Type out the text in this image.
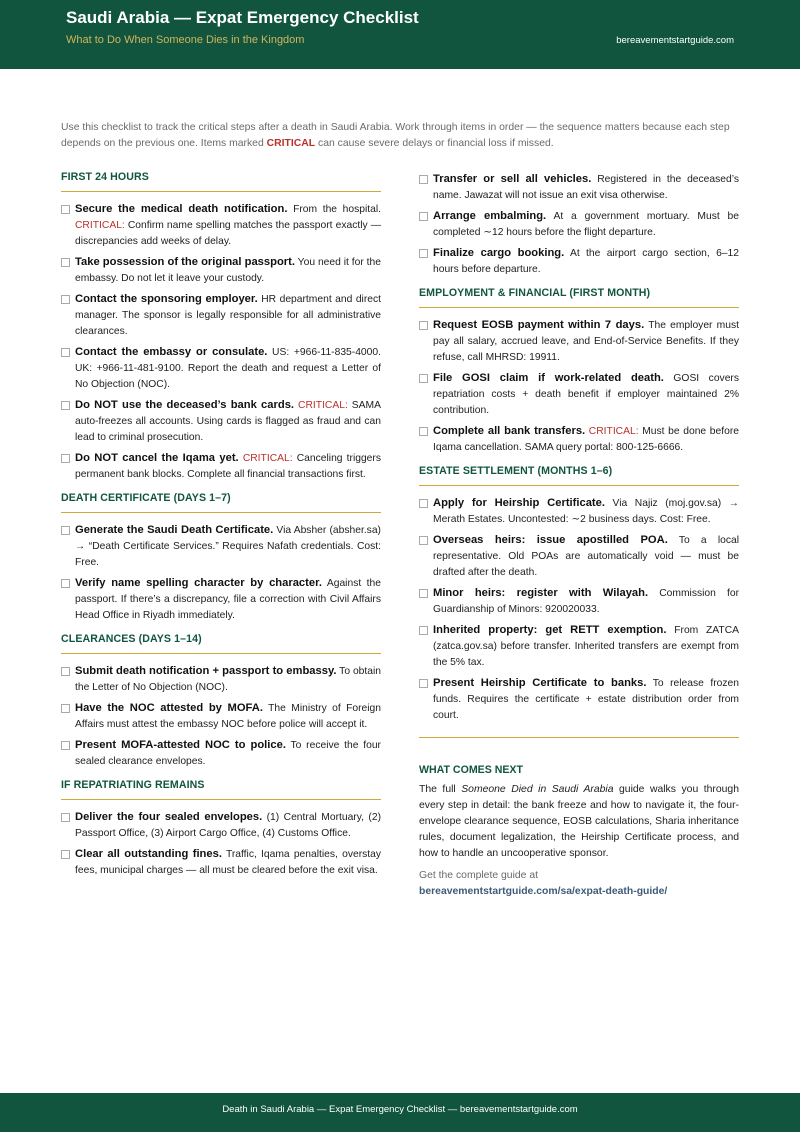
Saudi Arabia — Expat Emergency Checklist
What to Do When Someone Dies in the Kingdom	bereavementstartguide.com
Use this checklist to track the critical steps after a death in Saudi Arabia. Work through items in order — the sequence matters because each step depends on the previous one. Items marked CRITICAL can cause severe delays or financial loss if missed.
FIRST 24 HOURS
Secure the medical death notification. From the hospital. CRITICAL: Confirm name spelling matches the passport exactly — discrepancies add weeks of delay.
Take possession of the original passport. You need it for the embassy. Do not let it leave your custody.
Contact the sponsoring employer. HR department and direct manager. The sponsor is legally responsible for all administrative clearances.
Contact the embassy or consulate. US: +966-11-835-4000. UK: +966-11-481-9100. Report the death and request a Letter of No Objection (NOC).
Do NOT use the deceased’s bank cards. CRITICAL: SAMA auto-freezes all accounts. Using cards is flagged as fraud and can lead to criminal prosecution.
Do NOT cancel the Iqama yet. CRITICAL: Canceling triggers permanent bank blocks. Complete all financial transactions first.
DEATH CERTIFICATE (DAYS 1–7)
Generate the Saudi Death Certificate. Via Absher (absher.sa) → “Death Certificate Services.” Requires Nafath credentials. Cost: Free.
Verify name spelling character by character. Against the passport. If there’s a discrepancy, file a correction with Civil Affairs Head Office in Riyadh immediately.
CLEARANCES (DAYS 1–14)
Submit death notification + passport to embassy. To obtain the Letter of No Objection (NOC).
Have the NOC attested by MOFA. The Ministry of Foreign Affairs must attest the embassy NOC before police will accept it.
Present MOFA-attested NOC to police. To receive the four sealed clearance envelopes.
IF REPATRIATING REMAINS
Deliver the four sealed envelopes. (1) Central Mortuary, (2) Passport Office, (3) Airport Cargo Office, (4) Customs Office.
Clear all outstanding fines. Traffic, Iqama penalties, overstay fees, municipal charges — all must be cleared before the exit visa.
Transfer or sell all vehicles. Registered in the deceased’s name. Jawazat will not issue an exit visa otherwise.
Arrange embalming. At a government mortuary. Must be completed ∼12 hours before the flight departure.
Finalize cargo booking. At the airport cargo section, 6–12 hours before departure.
EMPLOYMENT & FINANCIAL (FIRST MONTH)
Request EOSB payment within 7 days. The employer must pay all salary, accrued leave, and End-of-Service Benefits. If they refuse, call MHRSD: 19911.
File GOSI claim if work-related death. GOSI covers repatriation costs + death benefit if employer maintained 2% contribution.
Complete all bank transfers. CRITICAL: Must be done before Iqama cancellation. SAMA query portal: 800-125-6666.
ESTATE SETTLEMENT (MONTHS 1–6)
Apply for Heirship Certificate. Via Najiz (moj.gov.sa) → Merath Estates. Uncontested: ∼2 business days. Cost: Free.
Overseas heirs: issue apostilled POA. To a local representative. Old POAs are automatically void — must be drafted after the death.
Minor heirs: register with Wilayah. Commission for Guardianship of Minors: 920020033.
Inherited property: get RETT exemption. From ZATCA (zatca.gov.sa) before transfer. Inherited transfers are exempt from the 5% tax.
Present Heirship Certificate to banks. To release frozen funds. Requires the certificate + estate distribution order from court.
WHAT COMES NEXT

The full Someone Died in Saudi Arabia guide walks you through every step in detail: the bank freeze and how to navigate it, the four-envelope clearance sequence, EOSB calculations, Sharia inheritance rules, document legalization, the Heirship Certificate process, and how to handle an uncooperative sponsor.

Get the complete guide at

bereavementstartguide.com/sa/expat-death-guide/
Death in Saudi Arabia — Expat Emergency Checklist — bereavementstartguide.com
